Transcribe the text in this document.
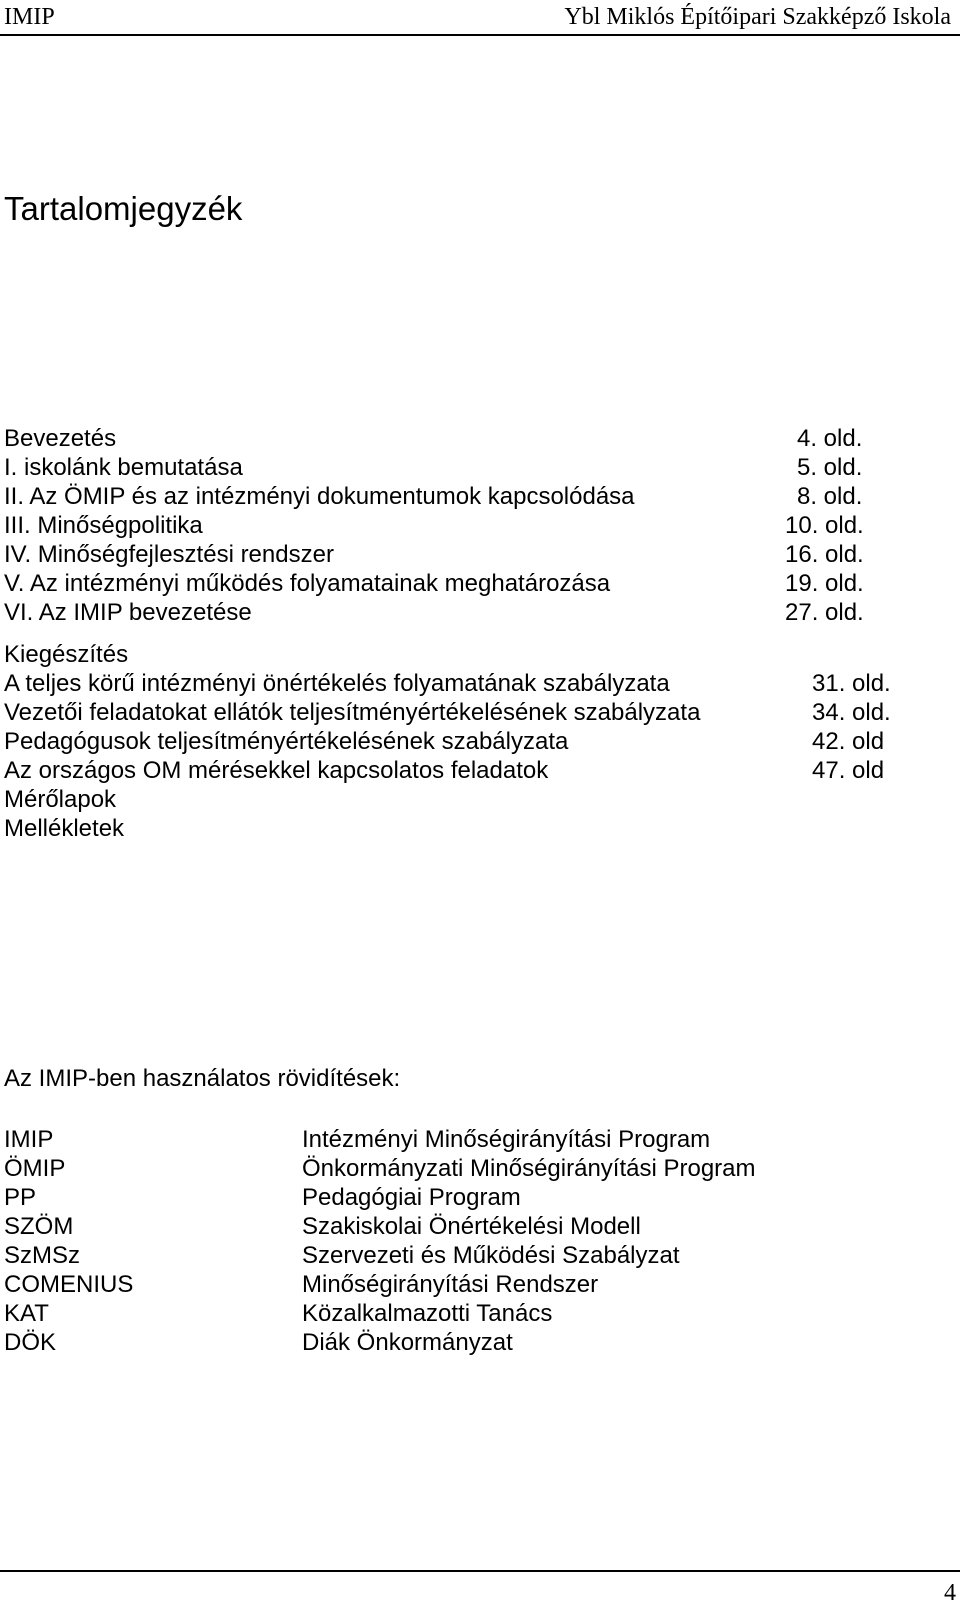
IMIP	Ybl Miklós Építőipari Szakképző Iskola
Tartalomjegyzék
Bevezetés	4. old.
I. iskolánk bemutatása	5. old.
II. Az ÖMIP és az intézményi dokumentumok kapcsolódása	8. old.
III. Minőségpolitika	10. old.
IV. Minőségfejlesztési rendszer	16. old.
V. Az intézményi működés folyamatainak meghatározása	19. old.
VI. Az IMIP bevezetése	27. old.
Kiegészítés
A teljes körű intézményi önértékelés folyamatának szabályzata	31. old.
Vezetői feladatokat ellátók teljesítményértékelésének szabályzata	34. old.
Pedagógusok teljesítményértékelésének szabályzata	42. old
Az országos OM mérésekkel kapcsolatos feladatok	47. old
Mérőlapok
Mellékletek
Az IMIP-ben használatos rövidítések:
IMIP	Intézményi Minőségirányítási Program
ÖMIP	Önkormányzati Minőségirányítási Program
PP	Pedagógiai Program
SZÖM	Szakiskolai Önértékelési Modell
SzMSz	Szervezeti és Működési Szabályzat
COMENIUS	Minőségirányítási Rendszer
KAT	Közalkalmazotti Tanács
DÖK	Diák Önkormányzat
4
